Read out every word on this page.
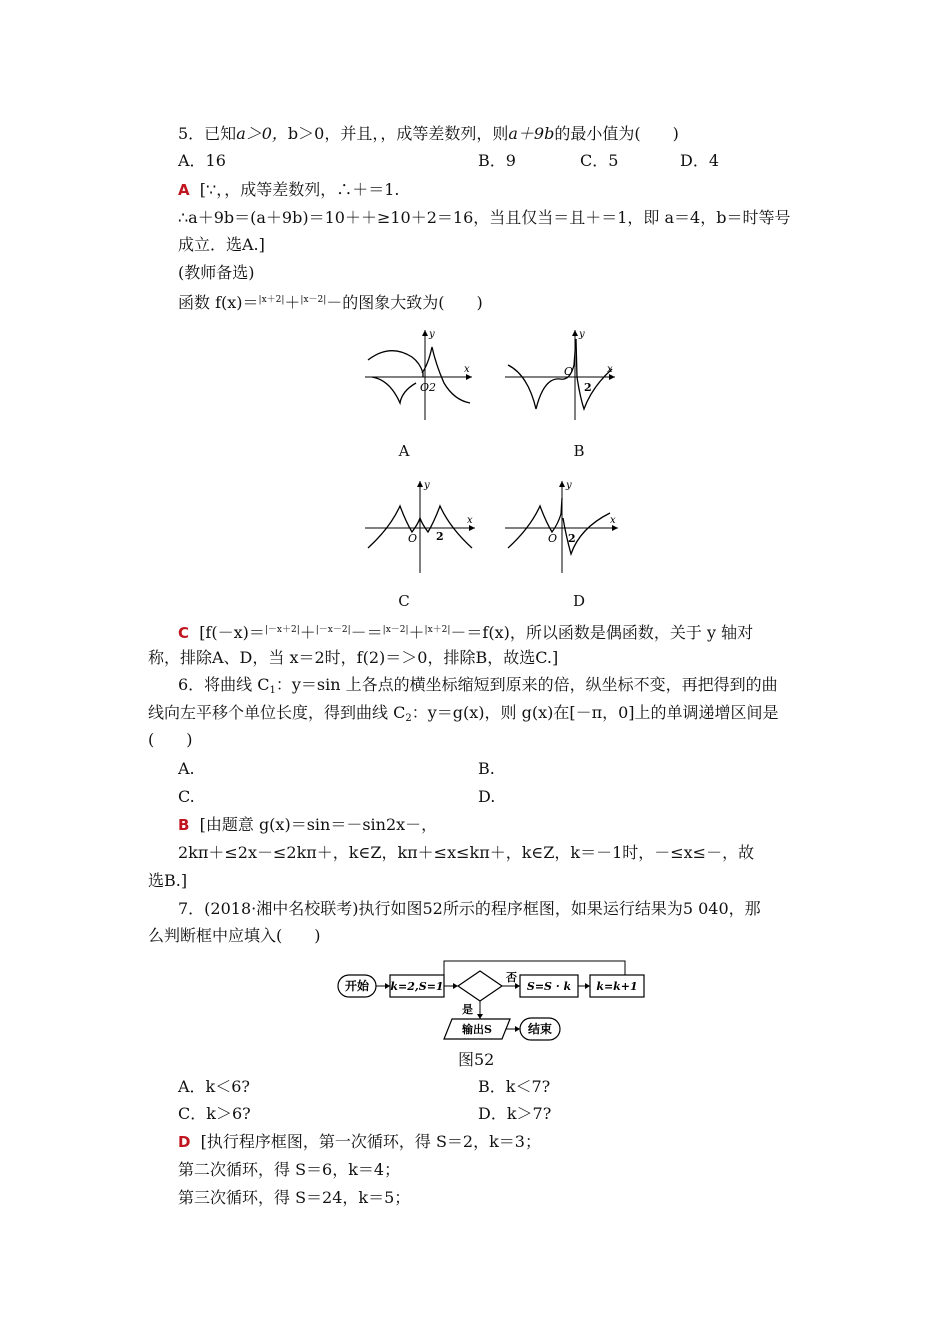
5．已知a＞0，b＞0，并且，，成等差数列，则a＋9b的最小值为(　　)
A．16	B．9	C．5	D．4
A [∵，，成等差数列，∴＋＝1.
∴a＋9b＝(a＋9b)＝10＋＋≥10＋2＝16，当且仅当＝且＋＝1，即 a＝4，b＝时等号
成立．选A.]
(教师备选)
函数 f(x)＝$^{|x+2|}$＋$^{|x-2|}$－的图象大致为(　　)
x
y
O2
A
x
y
O
2
B
x
y
O 2
C
x
y
O 2
D
C [f(－x)＝$^{|-x+2|}$＋$^{|-x-2|}$－＝$^{|x-2|}$＋$^{|x+2|}$－＝f(x)，所以函数是偶函数，关于 y 轴对
称，排除A、D，当 x＝2时，f(2)＝＞0，排除B，故选C.]
6．将曲线 $C_1$：y＝sin 上各点的横坐标缩短到原来的倍，纵坐标不变，再把得到的曲
线向左平移个单位长度，得到曲线 $C_2$：y＝g(x)，则 g(x)在[－π，0]上的单调递增区间是
(　　)
A.	B.
C.	D.
B [由题意 g(x)＝sin＝－sin2x－，
2kπ＋≤2x－≤2kπ＋，k∈Z，kπ＋≤x≤kπ＋，k∈Z，k＝－1时，－≤x≤－，故
选B.]
7．(2018·湘中名校联考)执行如图52所示的程序框图，如果运行结果为5 040，那
么判断框中应填入(　　)
开始 k=2,S=1
否
S=S · k k=k+1
是
输出S	结束
图52
A．k＜6?	B．k＜7?
C．k＞6?	D．k＞7?
D [执行程序框图，第一次循环，得 S＝2，k＝3；
第二次循环，得 S＝6，k＝4；
第三次循环，得 S＝24，k＝5；
